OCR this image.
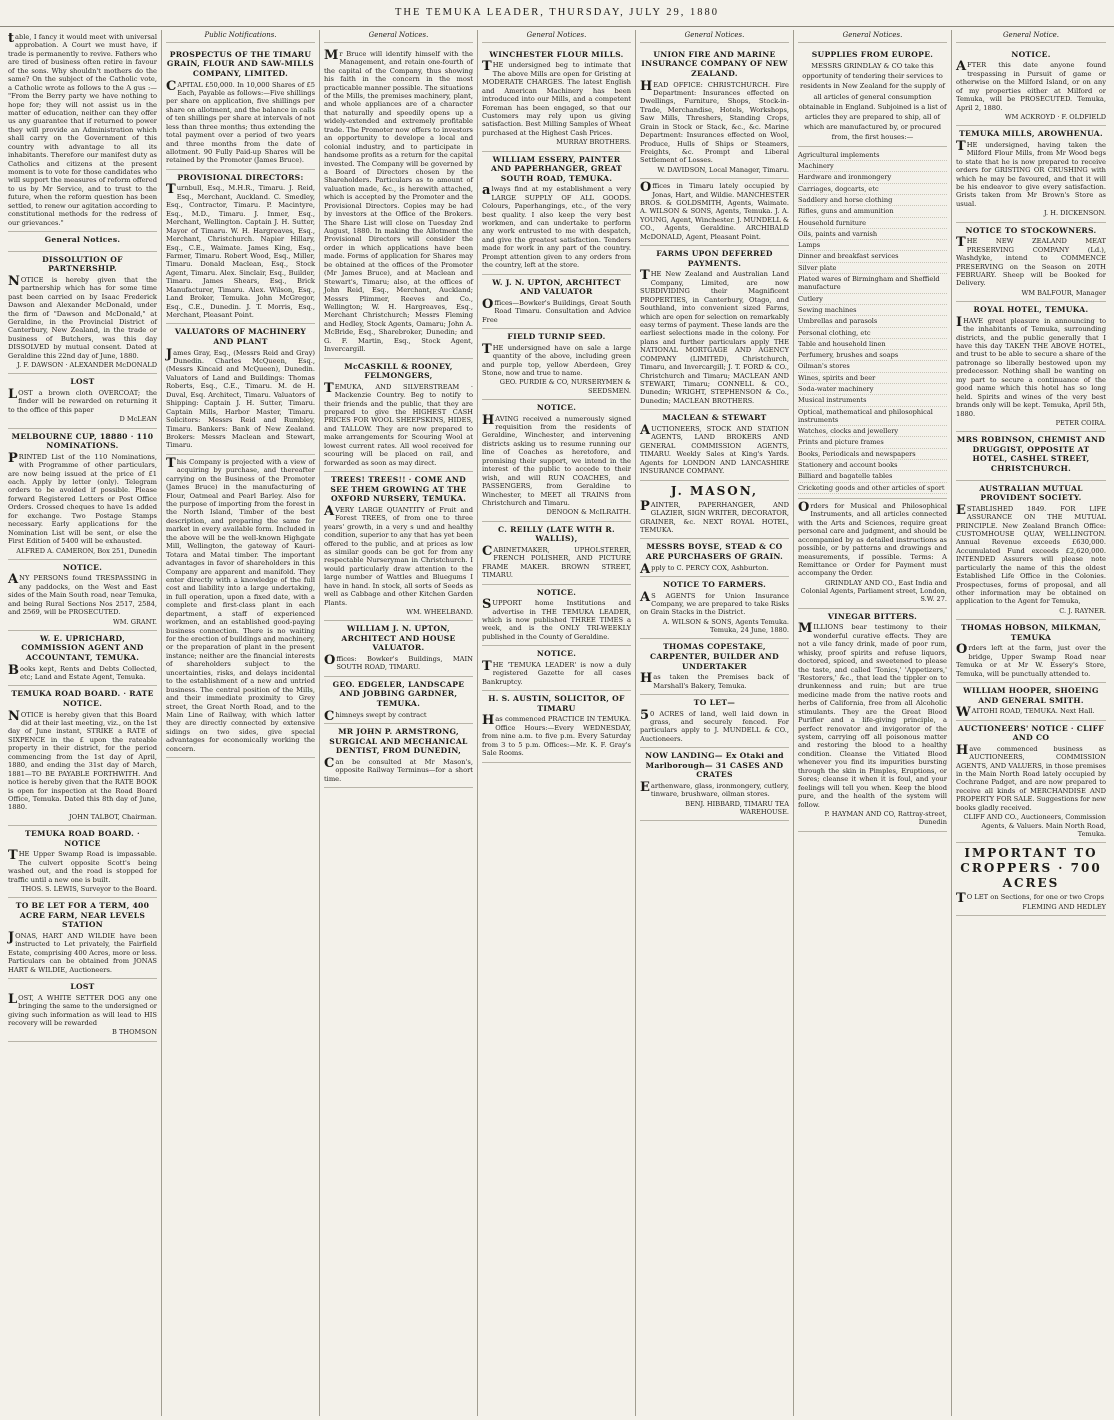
THE TEMUKA LEADER, THURSDAY, JULY 29, 1880
table, I fancy it would meet with universal approbation. A Court we must have, if trade is permanently to revive. Fathers who are tired of business often retire in favour of the sons. Why shouldn't mothers do the same? On the subject of the Catholic vote, a Catholic wrote as follows to the A gus :— "From the Berry party we have nothing to hope for; they will not assist us in the matter of education, neither can they offer us any guarantee that if returned to power they will provide an Administration which shall carry on the Government of this country with advantage to all its inhabitants. Therefore our manifest duty as Catholics and citizens at the present moment is to vote for those candidates who will support the measures of reform offered to us by Mr Service, and to trust to the future, when the reform question has been settled, to renew our agitation according to constitutional methods for the redress of our grievances."
General Notices.
DISSOLUTION OF PARTNERSHIP.
NOTICE is hereby given that the partnership which has for some time past been carried on by Isaac Frederick Dawson and Alexander McDonald, under the firm of "Dawson and McDonald," at Geraldine, in the Provincial District of Canterbury, New Zealand, in the trade or business of Butchers, was this day DISSOLVED by mutual consent. Dated at Geraldine this 22nd day of June, 1880.
J. F. DAWSON · ALEXANDER McDONALD
LOST
LOST a brown cloth OVERCOAT; the finder will be rewarded on returning it to the office of this paper
D McLEAN
MELBOURNE CUP, 18880 · 110 NOMINATIONS.
PRINTED List of the 110 Nominations, with Programme of other particulars, are now being issued at the price of £1 each. Apply by letter (only). Telegram orders to be avoided if possible. Please forward Registered Letters or Post Office Orders. Crossed cheques to have 1s added for exchange. Two Postage Stamps necessary. Early applications for the Nomination List will be sent, or else the First Edition of 5400 will be exhausted.
ALFRED A. CAMERON, Box 251, Dunedin
NOTICE.
ANY PERSONS found TRESPASSING in any paddocks, on the West and East sides of the Main South road, near Temuka, and being Rural Sections Nos 2517, 2584, and 2569, will be PROSECUTED.
WM. GRANT.
W. E. UPRICHARD, COMMISSION AGENT AND ACCOUNTANT, TEMUKA.
Books kept, Rents and Debts Collected, etc; Land and Estate Agent, Temuka.
TEMUKA ROAD BOARD. · RATE NOTICE.
NOTICE is hereby given that this Board did at their last meeting, viz., on the 1st day of June instant, STRIKE a RATE of SIXPENCE in the £ upon the rateable property in their district, for the period commencing from the 1st day of April, 1880, and ending the 31st day of March, 1881—TO BE PAYABLE FORTHWITH. And notice is hereby given that the RATE BOOK is open for inspection at the Road Board Office, Temuka. Dated this 8th day of June, 1880.
JOHN TALBOT, Chairman.
TEMUKA ROAD BOARD. · NOTICE
THE Upper Swamp Road is impassable. The culvert opposite Scott's being washed out, and the road is stopped for traffic until a new one is built.
THOS. S. LEWIS, Surveyor to the Board.
TO BE LET FOR A TERM, 400 ACRE FARM, NEAR LEVELS STATION
JONAS, HART AND WILDIE have been instructed to Let privately, the Fairfield Estate, comprising 400 Acres, more or less. Particulars can be obtained from JONAS HART & WILDIE, Auctioneers.
LOST
LOST, A WHITE SETTER DOG any one bringing the same to the undersigned or giving such information as will lead to HIS recovery will be rewarded
B THOMSON
Public Notifications.
PROSPECTUS OF THE TIMARU GRAIN, FLOUR AND SAW-MILLS COMPANY, LIMITED.
CAPITAL £50,000. In 10,000 Shares of £5 Each, Payable as follows:—Five shillings per share on application, five shillings per share on allotment, and the balance in calls of ten shillings per share at intervals of not less than three months; thus extending the total payment over a period of two years and three months from the date of allotment. 90 Fully Paid-up Shares will be retained by the Promoter (James Bruce).
PROVISIONAL DIRECTORS:
Turnbull, Esq., M.H.R., Timaru. J. Reid, Esq., Merchant, Auckland. C. Smedley, Esq., Contractor, Timaru. P. Macintyre, Esq., M.D., Timaru. J. Inmer, Esq., Merchant, Wellington. Captain J. H. Sutter, Mayor of Timaru. W. H. Hargreaves, Esq., Merchant, Christchurch. Napier Hillary, Esq., C.E., Waimate. James King, Esq., Farmer, Timaru. Robert Wood, Esq., Miller, Timaru. Donald Maclean, Esq., Stock Agent, Timaru. Alex. Sinclair, Esq., Builder, Timaru. James Shears, Esq., Brick Manufacturer, Timaru. Alex. Wilson, Esq., Land Broker, Temuka. John McGregor, Esq., C.E., Dunedin. J. T. Morris, Esq., Merchant, Pleasant Point.
VALUATORS OF MACHINERY AND PLANT
James Gray, Esq., (Messrs Reid and Gray) Dunedin. Charles McQueen, Esq., (Messrs Kincaid and McQueen), Dunedin. Valuators of Land and Buildings: Thomas Roberts, Esq., C.E., Timaru. M. de H. Duval, Esq. Architect, Timaru. Valuators of Shipping: Captain J. H. Sutter, Timaru. Captain Mills, Harbor Master, Timaru. Solicitors: Messrs Reid and Rumbley, Timaru. Bankers: Bank of New Zealand. Brokers: Messrs Maclean and Stewart, Timaru.
This Company is projected with a view of acquiring by purchase, and thereafter carrying on the Business of the Promoter (James Bruce) in the manufacturing of Flour, Oatmeal and Pearl Barley. Also for the purpose of importing from the forest in the North Island, Timber of the best description, and preparing the same for market in every available form. Included in the above will be the well-known Highgate Mill, Wellington, the gateway of Kauri-Totara and Matai timber. The important advantages in favor of shareholders in this Company are apparent and manifold. They enter directly with a knowledge of the full cost and liability into a large undertaking, in full operation, upon a fixed date, with a complete and first-class plant in each department, a staff of experienced workmen, and an established good-paying business connection. There is no waiting for the erection of buildings and machinery, or the preparation of plant in the present instance; neither are the financial interests of shareholders subject to the uncertainties, risks, and delays incidental to the establishment of a new and untried business. The central position of the Mills, and their immediate proximity to Grey street, the Great North Road, and to the Main Line of Railway, with which latter they are directly connected by extensive sidings on two sides, give special advantages for economically working the concern.
General Notices.
Mr Bruce will identify himself with the Management, and retain one-fourth of the capital of the Company, thus showing his faith in the concern in the most practicable manner possible. The situations of the Mills, the premises machinery, plant, and whole appliances are of a character that naturally and speedily opens up a widely-extended and extremely profitable trade. The Promoter now offers to investors an opportunity to develope a local and colonial industry, and to participate in handsome profits as a return for the capital invested. The Company will be governed by a Board of Directors chosen by the Shareholders. Particulars as to amount of valuation made, &c., is herewith attached, which is accepted by the Promoter and the Provisional Directors. Copies may be had by investors at the Office of the Brokers. The Share List will close on Tuesday 2nd August, 1880. In making the Allotment the Provisional Directors will consider the order in which applications have been made. Forms of application for Shares may be obtained at the offices of the Promoter (Mr James Bruce), and at Maclean and Stewart's, Timaru; also, at the offices of John Reid, Esq., Merchant, Auckland; Messrs Plimmer, Reeves and Co., Wellington; W. H. Hargreaves, Esq., Merchant Christchurch; Messrs Fleming and Hedley, Stock Agents, Oamaru; John A. McBride, Esq., Sharebroker, Dunedin; and G. F. Martin, Esq., Stock Agent, Invercargill.
McCASKILL & ROONEY, FELMONGERS,
TEMUKA, AND SILVERSTREAM · Mackenzie Country. Beg to notify to their friends and the public, that they are prepared to give the HIGHEST CASH PRICES FOR WOOL SHEEPSKINS, HIDES, and TALLOW. They are now prepared to make arrangements for Scouring Wool at lowest current rates. All wool received for scouring will be placed on rail, and forwarded as soon as may direct.
TREES! TREES!! · COME AND SEE THEM GROWING AT THE OXFORD NURSERY, TEMUKA.
AVERY LARGE QUANTITY of Fruit and Forest TREES, of from one to three years' growth, in a very s und and healthy condition, superior to any that has yet been offered to the public, and at prices as low as similar goods can be got for from any respectable Nurseryman in Christchurch. I would particularly draw attention to the large number of Wattles and Bluegums I have in hand. In stock, all sorts of Seeds as well as Cabbage and other Kitchen Garden Plants.
WM. WHEELBAND.
WILLIAM J. N. UPTON, ARCHITECT AND HOUSE VALUATOR.
Offices: Bowker's Buildings, MAIN SOUTH ROAD, TIMARU.
GEO. EDGELER, LANDSCAPE AND JOBBING GARDNER, TEMUKA.
Chimneys swept by contract
MR JOHN P. ARMSTRONG, SURGICAL AND MECHANICAL DENTIST, FROM DUNEDIN,
Can be consulted at Mr Mason's, opposite Railway Terminus—for a short time.
General Notices.
WINCHESTER FLOUR MILLS.
THE undersigned beg to intimate that The above Mills are open for Gristing at MODERATE CHARGES. The latest English and American Machinery has been introduced into our Mills, and a competent Foreman has been engaged, so that our Customers may rely upon us giving satisfaction. Best Milling Samples of Wheat purchased at the Highest Cash Prices.
MURRAY BROTHERS.
WILLIAM ESSERY, PAINTER AND PAPERHANGER, GREAT SOUTH ROAD, TEMUKA.
always find at my establishment a very LARGE SUPPLY OF ALL GOODS. Colours, Paperhangings, etc., of the very best quality. I also keep the very best workmen, and can undertake to perform any work entrusted to me with despatch, and give the greatest satisfaction. Tenders made for work in any part of the country. Prompt attention given to any orders from the country, left at the store.
W. J. N. UPTON, ARCHITECT AND VALUATOR
Offices—Bowker's Buildings, Great South Road Timaru. Consultation and Advice Free
FIELD TURNIP SEED.
THE undersigned have on sale a large quantity of the above, including green and purple top, yellow Aberdeen, Grey Stone, now and true to name.
GEO. PURDIE & CO, NURSERYMEN & SEEDSMEN.
NOTICE.
HAVING received a numerously signed requisition from the residents of Geraldine, Winchester, and intervening districts asking us to resume running our line of Coaches as heretofore, and promising their support, we intend in the interest of the public to accede to their wish, and will RUN COACHES, and PASSENGERS, from Geraldine to Winchester, to MEET all TRAINS from Christchurch and Timaru.
DENOON & McILRAITH.
C. REILLY (LATE WITH R. WALLIS),
CABINETMAKER, UPHOLSTERER, FRENCH POLISHER, AND PICTURE FRAME MAKER. BROWN STREET, TIMARU.
NOTICE.
SUPPORT home Institutions and advertise in THE TEMUKA LEADER, which is now published THREE TIMES a week, and is the ONLY TRI-WEEKLY published in the County of Geraldine.
NOTICE.
THE 'TEMUKA LEADER' is now a duly registered Gazette for all cases Bankruptcy.
H. S. AUSTIN, SOLICITOR, OF TIMARU
Has commenced PRACTICE IN TEMUKA. Office Hours:—Every WEDNESDAY, from nine a.m. to five p.m. Every Saturday from 3 to 5 p.m. Offices:—Mr. K. F. Gray's Sale Rooms.
General Notices.
UNION FIRE AND MARINE INSURANCE COMPANY OF NEW ZEALAND.
HEAD OFFICE: CHRISTCHURCH. Fire Department: Insurances effected on Dwellings, Furniture, Shops, Stock-in-Trade, Merchandise, Hotels, Workshops, Saw Mills, Threshers, Standing Crops, Grain in Stock or Stack, &c., &c. Marine Department: Insurances effected on Wool, Produce, Hulls of Ships or Steamers, Freights, &c. Prompt and Liberal Settlement of Losses.
W. DAVIDSON, Local Manager, Timaru.
Offices in Timaru lately occupied by Jonas, Hart, and Wildie. MANCHESTER BROS. & GOLDSMITH, Agents, Waimate. A. WILSON & SONS, Agents, Temuka. J. A. YOUNG, Agent, Winchester. J. MUNDELL & CO., Agents, Geraldine. ARCHIBALD McDONALD, Agent, Pleasant Point.
FARMS UPON DEFERRED PAYMENTS.
THE New Zealand and Australian Land Company, Limited, are now SUBDIVIDING their Magnificent PROPERTIES, in Canterbury, Otago, and Southland, into convenient sized Farms, which are open for selection on remarkably easy terms of payment. These lands are the earliest selections made in the colony. For plans and further particulars apply THE NATIONAL MORTGAGE AND AGENCY COMPANY (LIMITED), Christchurch, Timaru, and Invercargill; J. T. FORD & CO., Christchurch and Timaru; MACLEAN AND STEWART, Timaru; CONNELL & CO., Dunedin; WRIGHT, STEPHENSON & Co., Dunedin; MACLEAN BROTHERS.
MACLEAN & STEWART
AUCTIONEERS, STOCK AND STATION AGENTS, LAND BROKERS AND GENERAL COMMISSION AGENTS, TIMARU. Weekly Sales at King's Yards. Agents for LONDON AND LANCASHIRE INSURANCE COMPANY.
J. MASON,
PAINTER, PAPERHANGER, AND GLAZIER, SIGN WRITER, DECORATOR, GRAINER, &c. NEXT ROYAL HOTEL, TEMUKA.
MESSRS BOYSE, STEAD & CO ARE PURCHASERS OF GRAIN.
Apply to C. PERCY COX, Ashburton.
NOTICE TO FARMERS.
AS AGENTS for Union Insurance Company, we are prepared to take Risks on Grain Stacks in the District.
A. WILSON & SONS, Agents Temuka. Temuka, 24 June, 1880.
THOMAS COPESTAKE, CARPENTER, BUILDER AND UNDERTAKER
Has taken the Premises back of Marshall's Bakery, Temuka.
TO LET—
50 ACRES of land, well laid down in grass, and securely fenced. For particulars apply to J. MUNDELL & CO., Auctioneers.
NOW LANDING— Ex Otaki and Marlborough— 31 CASES AND CRATES
Earthenware, glass, ironmongery, cutlery, tinware, brushware, oilman stores.
BENJ. HIBBARD, TIMARU TEA WAREHOUSE.
General Notices.
SUPPLIES FROM EUROPE.
MESSRS GRINDLAY & CO take this opportunity of tendering their services to residents in New Zealand for the supply of all articles of general consumption obtainable in England. Subjoined is a list of articles they are prepared to ship, all of which are manufactured by, or procured from, the first houses:—
Agricultural implements
Machinery
Hardware and ironmongery
Carriages, dogcarts, etc
Saddlery and horse clothing
Rifles, guns and ammunition
Household furniture
Oils, paints and varnish
Lamps
Dinner and breakfast services
Silver plate
Plated wares of Birmingham and Sheffield manufacture
Cutlery
Sewing machines
Umbrellas and parasols
Personal clothing, etc
Table and household linen
Perfumery, brushes and soaps
Oilman's stores
Wines, spirits and beer
Soda-water machinery
Musical instruments
Optical, mathematical and philosophical instruments
Watches, clocks and jewellery
Prints and picture frames
Books, Periodicals and newspapers
Stationery and account books
Billiard and bagatelle tables
Cricketing goods and other articles of sport
Orders for Musical and Philosophical Instruments, and all articles connected with the Arts and Sciences, require great personal care and judgment, and should be accompanied by as detailed instructions as possible, or by patterns and drawings and measurements, if possible. Terms: A Remittance or Order for Payment must accompany the Order.
GRINDLAY AND CO., East India and Colonial Agents, Parliament street, London, S.W. 27.
VINEGAR BITTERS.
MILLIONS bear testimony to their wonderful curative effects. They are not a vile fancy drink, made of poor rum, whisky, proof spirits and refuse liquors, doctored, spiced, and sweetened to please the taste, and called 'Tonics,' 'Appetizers,' 'Restorers,' &c., that lead the tippler on to drunkenness and ruin; but are true medicine made from the native roots and herbs of California, free from all Alcoholic stimulants. They are the Great Blood Purifier and a life-giving principle, a perfect renovator and invigorator of the system, carrying off all poisonous matter and restoring the blood to a healthy condition. Cleanse the Vitiated Blood whenever you find its impurities bursting through the skin in Pimples, Eruptions, or Sores; cleanse it when it is foul, and your feelings will tell you when. Keep the blood pure, and the health of the system will follow.
P. HAYMAN AND CO, Rattray-street, Dunedin
General Notice.
NOTICE.
AFTER this date anyone found trespassing in Pursuit of game or otherwise on the Milford Island, or on any of my properties either at Milford or Temuka, will be PROSECUTED. Temuka, April 2, 1880.
WM ACKROYD · F. OLDFIELD
TEMUKA MILLS, AROWHENUA.
THE undersigned, having taken the Milford Flour Mills, from Mr Wood begs to state that he is now prepared to receive orders for GRISTING OR CRUSHING with which he may be favoured, and that it will be his endeavor to give every satisfaction. Grists taken from Mr Brown's Store as usual.
J. H. DICKENSON.
NOTICE TO STOCKOWNERS.
THE NEW ZEALAND MEAT PRESERVING COMPANY (Ld.), Washdyke, intend to COMMENCE PRESERVING on the Season on 20TH FEBRUARY. Sheep will be Booked for Delivery.
WM BALFOUR, Manager
ROYAL HOTEL, TEMUKA.
IHAVE great pleasure in announcing to the inhabitants of Temuka, surrounding districts, and the public generally that I have this day TAKEN THE ABOVE HOTEL, and trust to be able to secure a share of the patronage so liberally bestowed upon my predecessor. Nothing shall be wanting on my part to secure a continuance of the good name which this hotel has so long held. Spirits and wines of the very best brands only will be kept. Temuka, April 5th, 1880.
PETER COIRA.
MRS ROBINSON, CHEMIST AND DRUGGIST, OPPOSITE AT HOTEL, CASHEL STREET, CHRISTCHURCH.
AUSTRALIAN MUTUAL PROVIDENT SOCIETY.
ESTABLISHED 1849. FOR LIFE ASSURANCE ON THE MUTUAL PRINCIPLE. New Zealand Branch Office: CUSTOMHOUSE QUAY, WELLINGTON. Annual Revenue exceeds £630,000. Accumulated Fund exceeds £2,620,000. INTENDED Assurers will please note particularly the name of this the oldest Established Life Office in the Colonies. Prospectuses, forms of proposal, and all other information may be obtained on application to the Agent for Temuka,
C. J. RAYNER.
THOMAS HOBSON, MILKMAN, TEMUKA
Orders left at the farm, just over the bridge, Upper Swamp Road near Temuka or at Mr W. Essery's Store, Temuka, will be punctually attended to.
WILLIAM HOOPER, SHOEING AND GENERAL SMITH.
WAITOHI ROAD, TEMUKA. Next Hall.
AUCTIONEERS' NOTICE · CLIFF AND CO
Have commenced business as AUCTIONEERS, COMMISSION AGENTS, AND VALUERS, in those premises in the Main North Road lately occupied by Cochrane Padget, and are now prepared to receive all kinds of MERCHANDISE AND PROPERTY FOR SALE. Suggestions for new books gladly received.
CLIFF AND CO., Auctioneers, Commission Agents, & Valuers. Main North Road, Temuka.
IMPORTANT TO CROPPERS · 700 ACRES
TO LET on Sections, for one or two Crops
FLEMING AND HEDLEY
